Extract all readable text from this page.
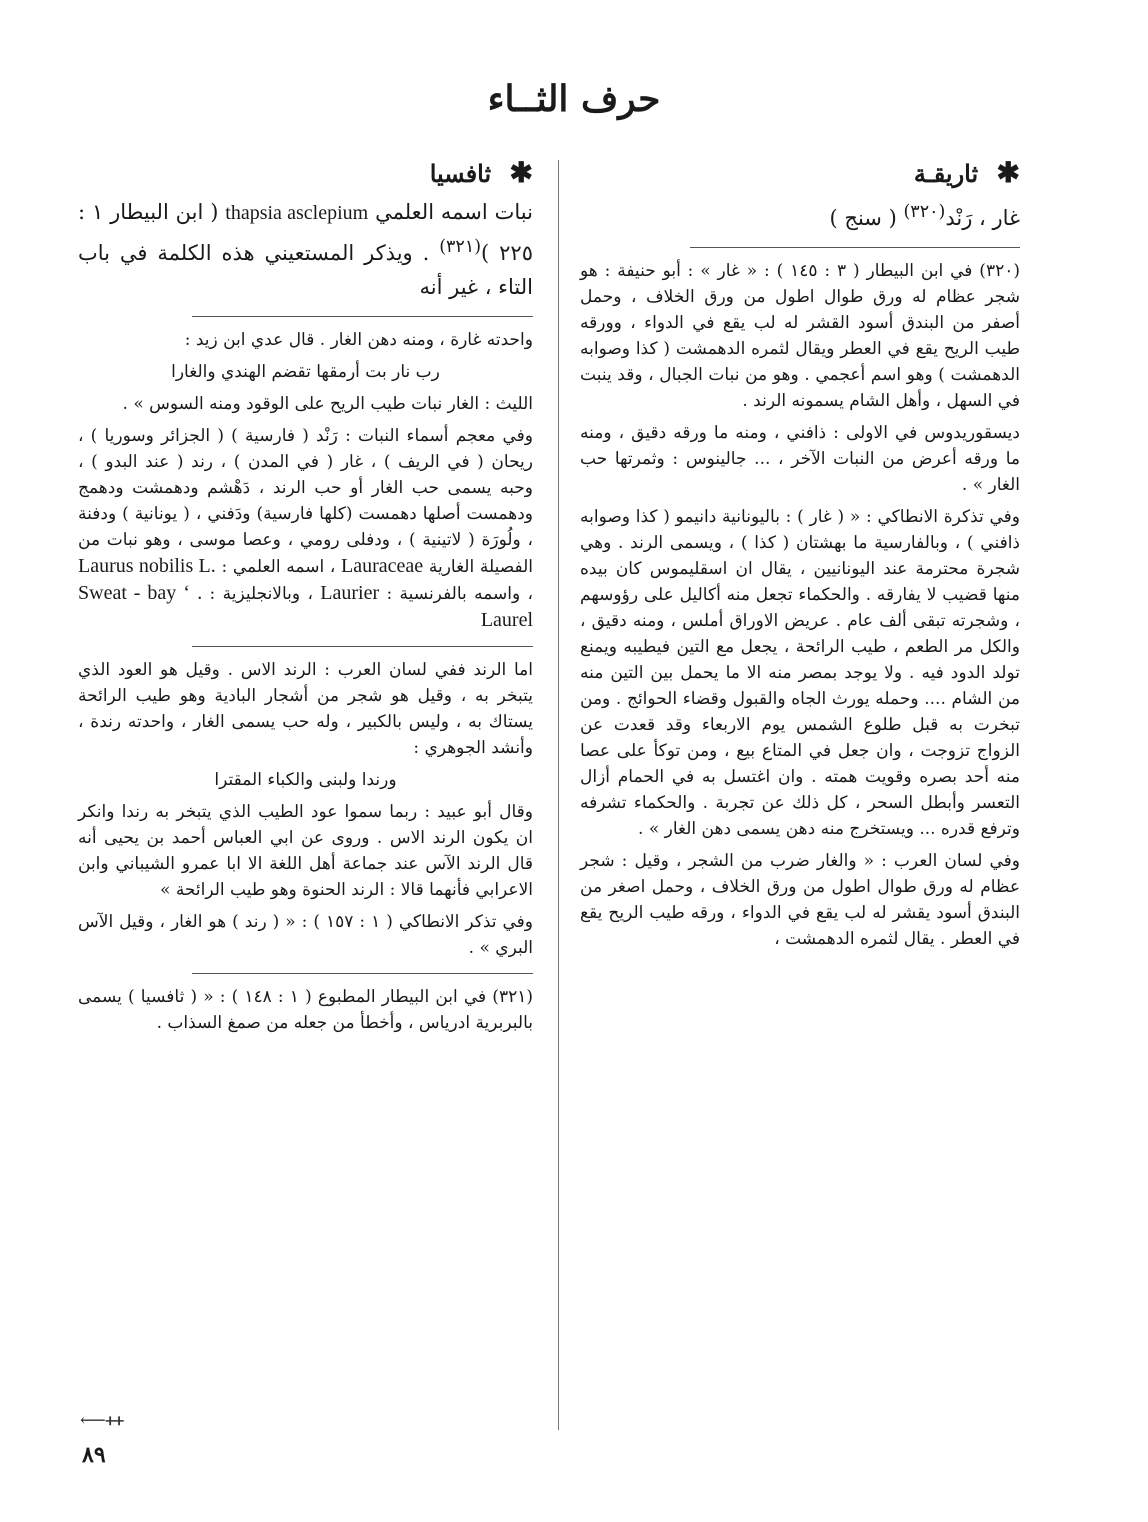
حرف الثــاء
✱ ثاريقـة
غار ، رَنْد$^{(٣٢٠)}$ ( سنج )

(٣٢٠) في ابن البيطار ( ٣ : ١٤٥ ) : « غار » : أبو حنيفة : هو شجر عظام له ورق طوال اطول من ورق الخلاف ، وحمل أصفر من البندق أسود القشر له لب يقع في الدواء ، وورقه طيب الريح يقع في العطر ويقال لثمره الدهمشت ( كذا وصوابه الدهمشت ) وهو اسم أعجمي . وهو من نبات الجبال ، وقد ينبت في السهل ، وأهل الشام يسمونه الرند .

ديسقوريدوس في الاولى : ذافني ، ومنه ما ورقه دقيق ، ومنه ما ورقه أعرض من النبات الآخر ، ... جالينوس : وثمرتها حب الغار » .

وفي تذكرة الانطاكي : « ( غار ) : باليونانية دانيمو ( كذا وصوابه ذافني ) ، وبالفارسية ما بهشتان ( كذا ) ، ويسمى الرند . وهي شجرة محترمة عند اليونانيين ، يقال ان اسقليموس كان بيده منها قضيب لا يفارقه . والحكماء تجعل منه أكاليل على رؤوسهم ، وشجرته تبقى ألف عام . عريض الاوراق أملس ، ومنه دقيق ، والكل مر الطعم ، طيب الرائحة ، يجعل مع التين فيطيبه ويمنع تولد الدود فيه . ولا يوجد بمصر منه الا ما يحمل بين التين منه من الشام .... وحمله يورث الجاه والقبول وقضاء الحوائج . ومن تبخرت به قبل طلوع الشمس يوم الاربعاء وقد قعدت عن الزواج تزوجت ، وان جعل في المتاع بيع ، ومن توكأ على عصا منه أحد بصره وقويت همته . وان اغتسل به في الحمام أزال التعسر وأبطل السحر ، كل ذلك عن تجربة . والحكماء تشرفه وترفع قدره ... ويستخرج منه دهن يسمى دهن الغار » .

وفي لسان العرب : « والغار ضرب من الشجر ، وقيل : شجر عظام له ورق طوال اطول من ورق الخلاف ، وحمل اصغر من البندق أسود يقشر له لب يقع في الدواء ، ورقه طيب الريح يقع في العطر . يقال لثمره الدهمشت ،

✱ ثافسيا
نبات اسمه العلمي thapsia asclepium ( ابن البيطار ١ : ٢٢٥ )$^{(٣٢١)}$ . ويذكر المستعيني هذه الكلمة في باب التاء ، غير أنه

واحدته غارة ، ومنه دهن الغار . قال عدي ابن زيد :

رب نار بت أرمقها تقضم الهندي والغارا

الليث : الغار نبات طيب الريح على الوقود ومنه السوس » .

وفي معجم أسماء النبات : رَنْد ( فارسية ) ( الجزائر وسوريا ) ، ريحان ( في الريف ) ، غار ( في المدن ) ، رند ( عند البدو ) ، وحبه يسمى حب الغار أو حب الرند ، دَهْشم ودهمشت ودهمج ودهمست أصلها دهمست (كلها فارسية) ودَفني ، ( يونانية ) ودفنة ، ولُورَة ( لاتينية ) ، ودفلى رومي ، وعصا موسى ، وهو نبات من الفصيلة الغارية Lauraceae ، اسمه العلمي : Laurus nobilis L. ، واسمه بالفرنسية : Laurier ، وبالانجليزية : Sweat - bay ‘ . Laurel

اما الرند ففي لسان العرب : الرند الاس . وقيل هو العود الذي يتبخر به ، وقيل هو شجر من أشجار البادية وهو طيب الرائحة يستاك به ، وليس بالكبير ، وله حب يسمى الغار ، واحدته رندة ، وأنشد الجوهري :

ورندا ولبنى والكباء المقترا

وقال أبو عبيد : ربما سموا عود الطيب الذي يتبخر به رندا وانكر ان يكون الرند الاس . وروى عن ابي العباس أحمد بن يحيى أنه قال الرند الآس عند جماعة أهل اللغة الا ابا عمرو الشيباني وابن الاعرابي فأنهما قالا : الرند الحنوة وهو طيب الرائحة »

وفي تذكر الانطاكي ( ١ : ١٥٧ ) : « ( رند ) هو الغار ، وقيل الآس البري » .

(٣٢١) في ابن البيطار المطبوع ( ١ : ١٤٨ ) : « ( ثافسيا ) يسمى بالبربرية ادرياس ، وأخطأ من جعله من صمغ السذاب .

⟵ᚐᚐ
٨٩
